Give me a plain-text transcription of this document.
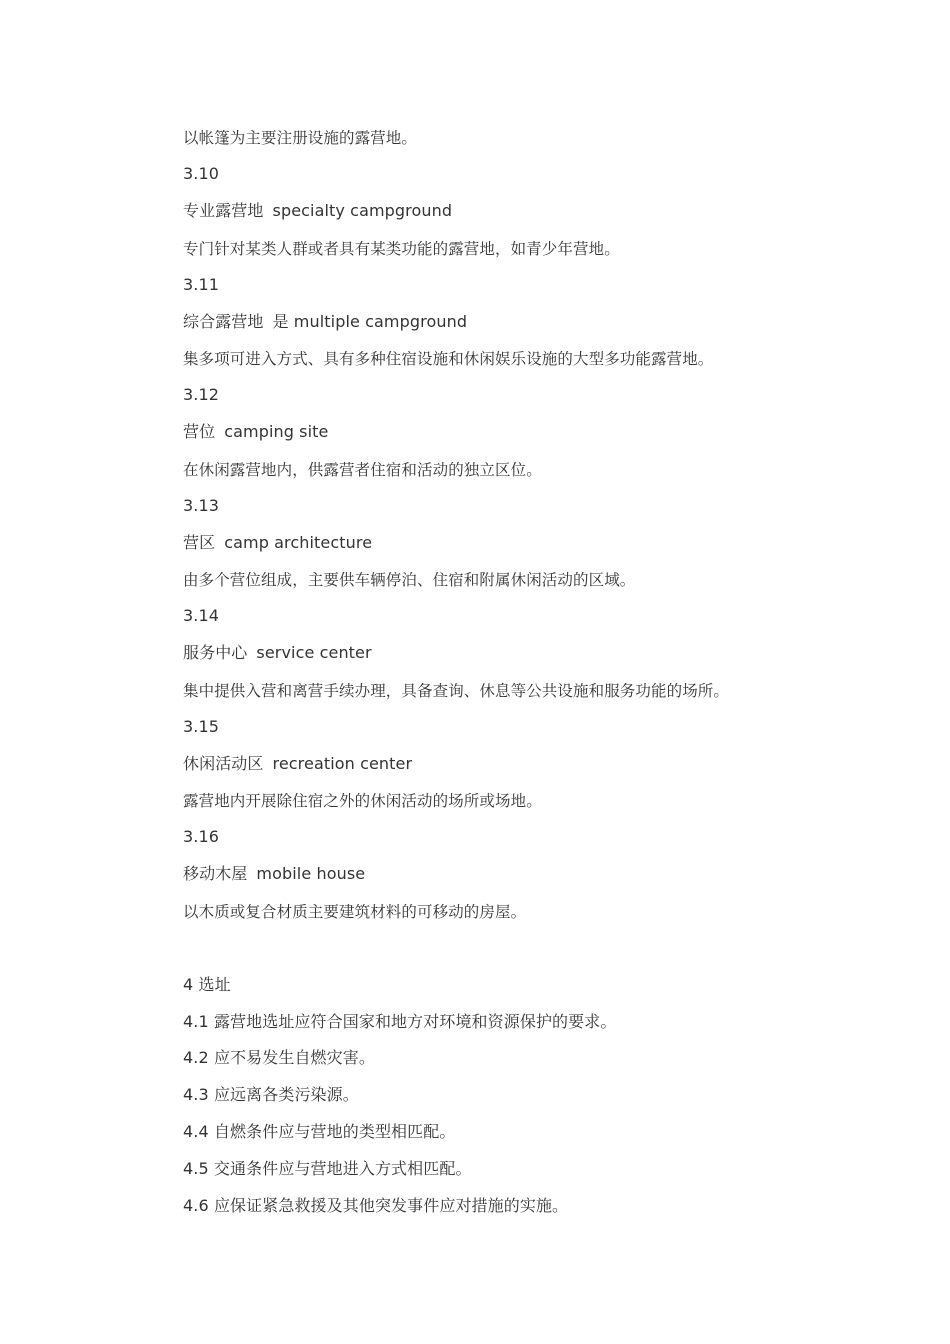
以帐篷为主要注册设施的露营地。
3.10
专业露营地 specialty campground
专门针对某类人群或者具有某类功能的露营地，如青少年营地。
3.11
综合露营地 是 multiple campground
集多项可进入方式、具有多种住宿设施和休闲娱乐设施的大型多功能露营地。
3.12
营位 camping site
在休闲露营地内，供露营者住宿和活动的独立区位。
3.13
营区 camp architecture
由多个营位组成，主要供车辆停泊、住宿和附属休闲活动的区域。
3.14
服务中心 service center
集中提供入营和离营手续办理，具备查询、休息等公共设施和服务功能的场所。
3.15
休闲活动区 recreation center
露营地内开展除住宿之外的休闲活动的场所或场地。
3.16
移动木屋 mobile house
以木质或复合材质主要建筑材料的可移动的房屋。
4 选址
4.1 露营地选址应符合国家和地方对环境和资源保护的要求。
4.2 应不易发生自燃灾害。
4.3 应远离各类污染源。
4.4 自燃条件应与营地的类型相匹配。
4.5 交通条件应与营地进入方式相匹配。
4.6 应保证紧急救援及其他突发事件应对措施的实施。
